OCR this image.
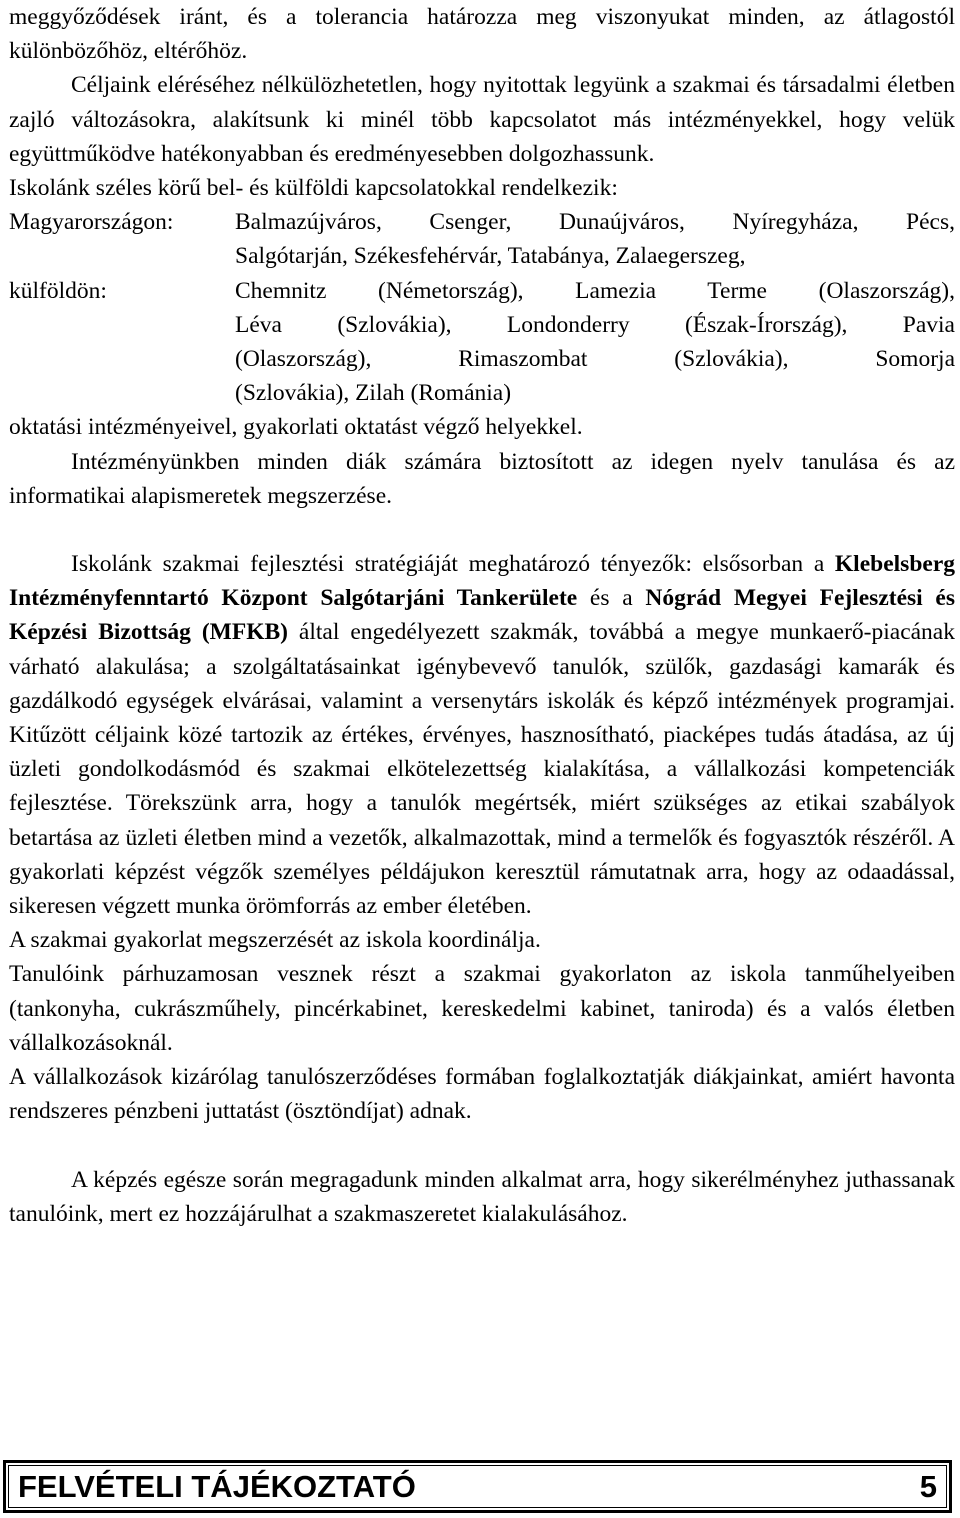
meggyőződések iránt, és a tolerancia határozza meg viszonyukat minden, az átlagostól különbözőhöz, eltérőhöz.

Céljaink eléréséhez nélkülözhetetlen, hogy nyitottak legyünk a szakmai és társadalmi életben zajló változásokra, alakítsunk ki minél több kapcsolatot más intézményekkel, hogy velük együttműködve hatékonyabban és eredményesebben dolgozhassunk.

Iskolánk széles körű bel- és külföldi kapcsolatokkal rendelkezik:

Magyarországon:	Balmazújváros, Csenger, Dunaújváros, Nyíregyháza, Pécs,

Salgótarján, Székesfehérvár, Tatabánya, Zalaegerszeg,

külföldön:	Chemnitz (Németország), Lamezia Terme (Olaszország),

Léva (Szlovákia), Londonderry (Észak-Írország), Pavia

(Olaszország), Rimaszombat (Szlovákia), Somorja

(Szlovákia), Zilah (Románia)

oktatási intézményeivel, gyakorlati oktatást végző helyekkel.

Intézményünkben minden diák számára biztosított az idegen nyelv tanulása és az informatikai alapismeretek megszerzése.

Iskolánk szakmai fejlesztési stratégiáját meghatározó tényezők: elsősorban a Klebelsberg Intézményfenntartó Központ Salgótarjáni Tankerülete és a Nógrád Megyei Fejlesztési és Képzési Bizottság (MFKB) által engedélyezett szakmák, továbbá a megye munkaerő-piacának várható alakulása; a szolgáltatásainkat igénybevevő tanulók, szülők, gazdasági kamarák és gazdálkodó egységek elvárásai, valamint a versenytárs iskolák és képző intézmények programjai. Kitűzött céljaink közé tartozik az értékes, érvényes, hasznosítható, piacképes tudás átadása, az új üzleti gondolkodásmód és szakmai elkötelezettség kialakítása, a vállalkozási kompetenciák fejlesztése. Törekszünk arra, hogy a tanulók megértsék, miért szükséges az etikai szabályok betartása az üzleti életben mind a vezetők, alkalmazottak, mind a termelők és fogyasztók részéről. A gyakorlati képzést végzők személyes példájukon keresztül rámutatnak arra, hogy az odaadással, sikeresen végzett munka örömforrás az ember életében.

A szakmai gyakorlat megszerzését az iskola koordinálja.

Tanulóink párhuzamosan vesznek részt a szakmai gyakorlaton az iskola tanműhelyeiben (tankonyha, cukrászműhely, pincérkabinet, kereskedelmi kabinet, taniroda) és a valós életben vállalkozásoknál.

A vállalkozások kizárólag tanulószerződéses formában foglalkoztatják diákjainkat, amiért havonta rendszeres pénzbeni juttatást (ösztöndíjat) adnak.

A képzés egésze során megragadunk minden alkalmat arra, hogy sikerélményhez juthassanak tanulóink, mert ez hozzájárulhat a szakmaszeretet kialakulásához.

FELVÉTELI TÁJÉKOZTATÓ	5
